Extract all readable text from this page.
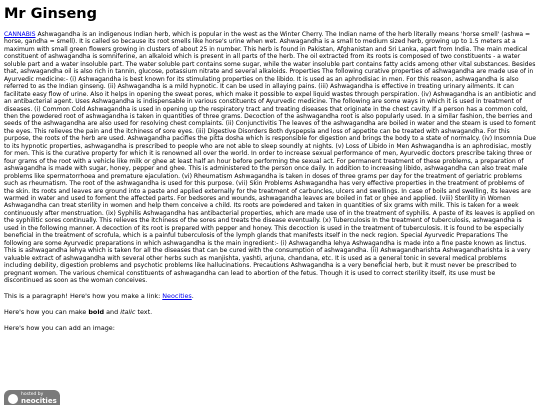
Mr Ginseng

CANNABIS Ashwagandha is an indigenous Indian herb, which is popular in the west as the Winter Cherry. The Indian name of the herb literally means 'horse smell' (ashwa = horse, gandha = smell). It is called so because its root smells like horse's urine when wet. Ashwagandha is a small to medium sized herb, growing up to 1.5 meters at a maximum with small green flowers growing in clusters of about 25 in number. This herb is found in Pakistan, Afghanistan and Sri Lanka, apart from India. The main medical constituent of ashwagandha is somniferine, an alkaloid which is present in all parts of the herb. The oil extracted from its roots is composed of two constituents - a water soluble part and a water insoluble part. The water soluble part contains some sugar, while the water insoluble part contains fatty acids among other vital substances. Besides that, ashwagandha oil is also rich in tannin, glucose, potassium nitrate and several alkaloids. Properties The following curative properties of ashwagandha are made use of in Ayurvedic medicine:- (i) Ashwagandha is best known for its stimulating properties on the libido. It is used as an aphrodisiac in men. For this reason, ashwagandha is also referred to as the Indian ginseng. (ii) Ashwagandha is a mild hypnotic. It can be used in allaying pains. (iii) Ashwagandha is effective in treating urinary ailments. It can facilitate easy flow of urine. Also it helps in opening the sweat pores, which make it possible to expel liquid wastes through perspiration. (iv) Ashwagandha is an antibiotic and an antibacterial agent. Uses Ashwagandha is indispensable in various constituents of Ayurvedic medicine. The following are some ways in which it is used in treatment of diseases. (i) Common Cold Ashwagandha is used in opening up the respiratory tract and treating diseases that originate in the chest cavity. If a person has a common cold, then the powdered root of ashwagandha is taken in quantities of three grams. Decoction of the ashwagandha root is also popularly used. In a similar fashion, the berries and seeds of the ashwagandha are also used for resolving chest complaints. (ii) Conjunctivitis The leaves of the ashwagandha are boiled in water and the steam is used to foment the eyes. This relieves the pain and the itchiness of sore eyes. (iii) Digestive Disorders Both dyspepsia and loss of appetite can be treated with ashwagandha. For this purpose, the roots of the herb are used. Ashwagandha pacifies the pitta dosha which is responsible for digestion and brings the body to a state of normalcy. (iv) Insomnia Due to its hypnotic properties, ashwagandha is prescribed to people who are not able to sleep soundly at nights. (v) Loss of Libido in Men Ashwagandha is an aphrodisiac, mostly for men. This is the curative property for which it is renowned all over the world. In order to increase sexual performance of men, Ayurvedic doctors prescribe taking three or four grams of the root with a vehicle like milk or ghee at least half an hour before performing the sexual act. For permanent treatment of these problems, a preparation of ashwagandha is made with sugar, honey, pepper and ghee. This is administered to the person once daily. In addition to increasing libido, ashwagandha can also treat male problems like spermatorrhoea and premature ejaculation. (vi) Rheumatism Ashwagandha is taken in doses of three grams per day for the treatment of geriatric problems such as rheumatism. The root of the ashwagandha is used for this purpose. (vii) Skin Problems Ashwagandha has very effective properties in the treatment of problems of the skin. Its roots and leaves are ground into a paste and applied externally for the treatment of carbuncles, ulcers and swellings. In case of boils and swelling, its leaves are warmed in water and used to foment the affected parts. For bedsores and wounds, ashwagandha leaves are boiled in fat or ghee and applied. (viii) Sterility in Women Ashwagandha can treat sterility in women and help them conceive a child. Its roots are powdered and taken in quantities of six grams with milk. This is taken for a week continuously after menstruation. (ix) Syphilis Ashwagandha has antibacterial properties, which are made use of in the treatment of syphilis. A paste of its leaves is applied on the syphilitic sores continually. This relieves the itchiness of the sores and treats the disease eventually. (x) Tuberculosis In the treatment of tuberculosis, ashwagandha is used in the following manner. A decoction of its root is prepared with pepper and honey. This decoction is used in the treatment of tuberculosis. It is found to be especially beneficial in the treatment of scrofula, which is a painful tuberculosis of the lymph glands that manifests itself in the neck region. Special Ayurvedic Preparations The following are some Ayurvedic preparations in which ashwagandha is the main ingredient:- (i) Ashwagandha lehya Ashwagandha is made into a fine paste known as linctus. This is ashwagandha lehya which is taken for all the diseases that can be cured with the consumption of ashwagandha. (ii) Ashwagandharishta Ashwagandharishta is a very valuable extract of ashwagandha with several other herbs such as manjishta, yashti, arjuna, chandana, etc. It is used as a general tonic in several medical problems including debility, digestion problems and psychotic problems like hallucinations. Precautions Ashwagandha is a very beneficial herb, but it must never be prescribed to pregnant women. The various chemical constituents of ashwagandha can lead to abortion of the fetus. Though it is used to correct sterility itself, its use must be discontinued as soon as the woman conceives.

This is a paragraph! Here's how you make a link: Neocities.

Here's how you can make bold and italic text.

Here's how you can add an image:

hosted by
neocities
